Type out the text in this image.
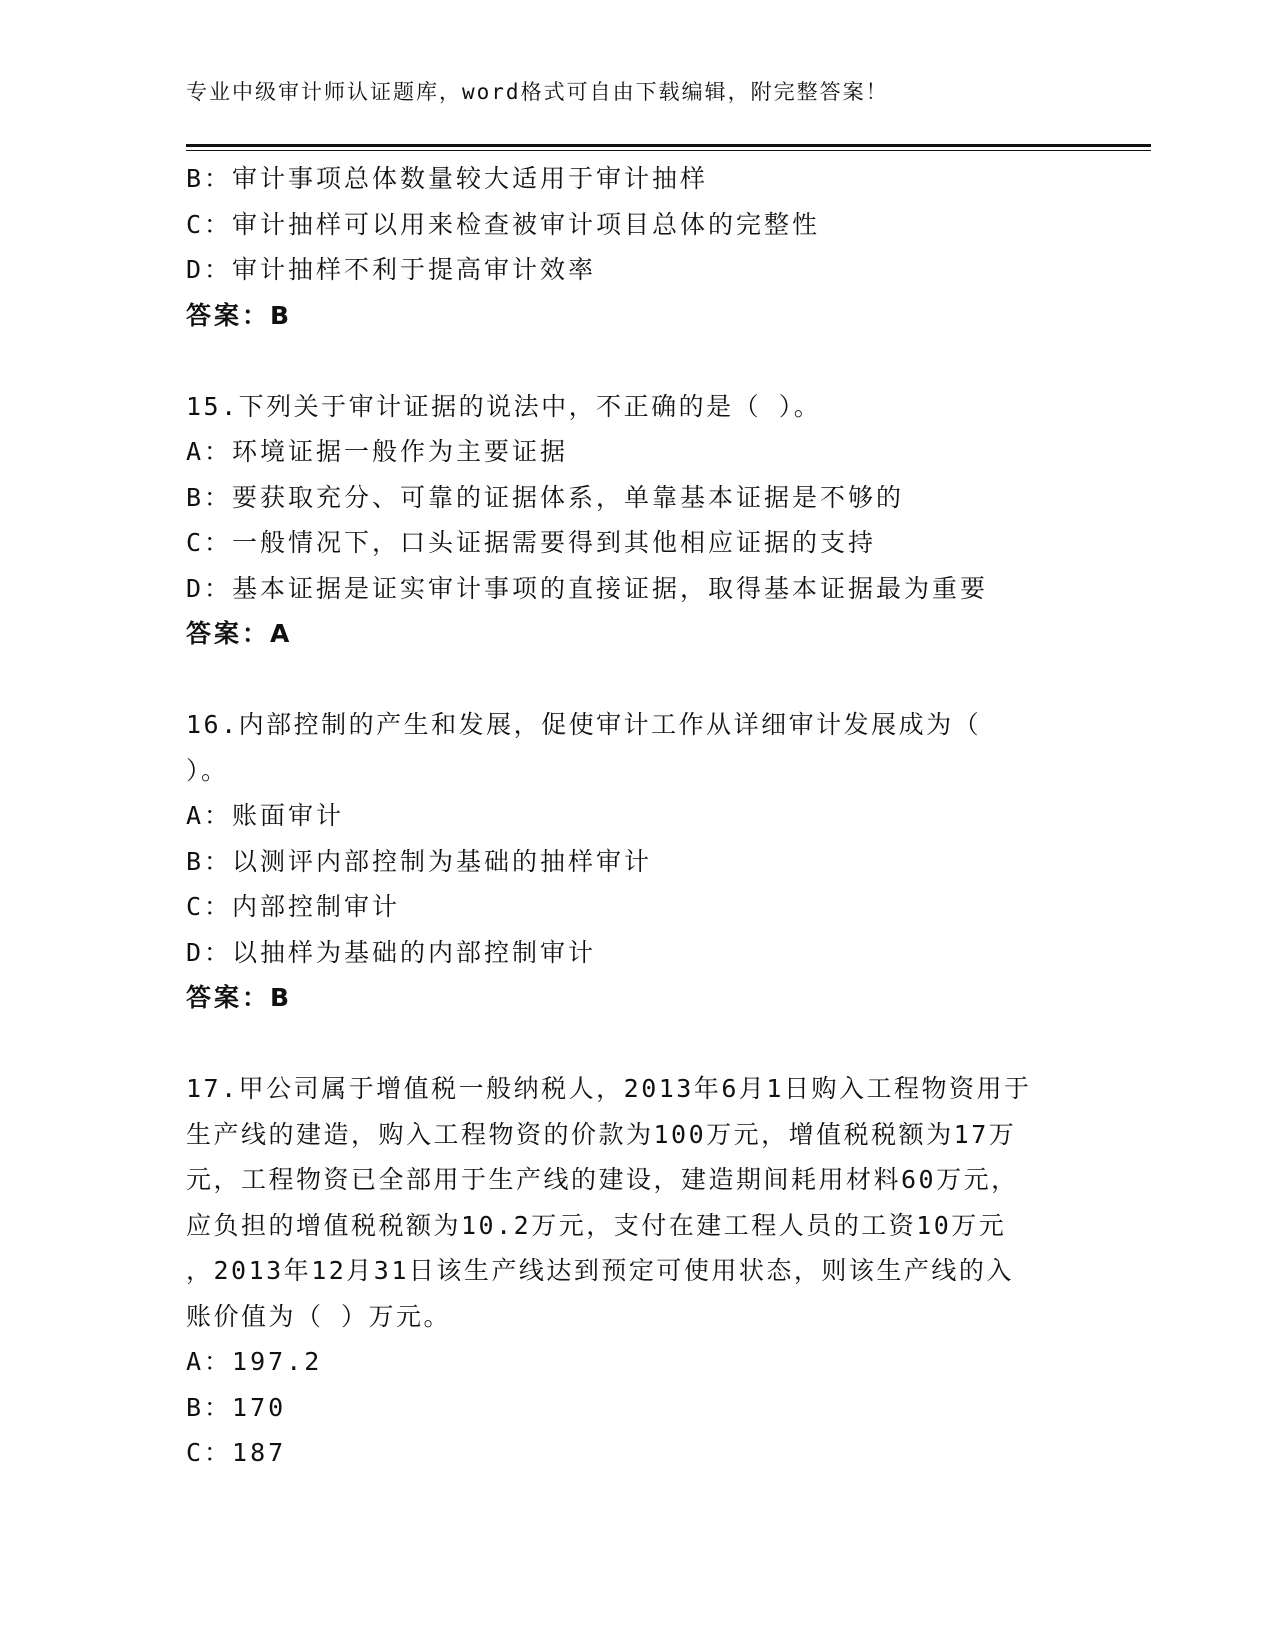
专业中级审计师认证题库，word格式可自由下载编辑，附完整答案！
B：审计事项总体数量较大适用于审计抽样
C：审计抽样可以用来检查被审计项目总体的完整性
D：审计抽样不利于提高审计效率
答案：B
15.下列关于审计证据的说法中，不正确的是（ ）。
A：环境证据一般作为主要证据
B：要获取充分、可靠的证据体系，单靠基本证据是不够的
C：一般情况下，口头证据需要得到其他相应证据的支持
D：基本证据是证实审计事项的直接证据，取得基本证据最为重要
答案：A
16.内部控制的产生和发展，促使审计工作从详细审计发展成为（
）。
A：账面审计
B：以测评内部控制为基础的抽样审计
C：内部控制审计
D：以抽样为基础的内部控制审计
答案：B
17.甲公司属于增值税一般纳税人，2013年6月1日购入工程物资用于
生产线的建造，购入工程物资的价款为100万元，增值税税额为17万
元，工程物资已全部用于生产线的建设，建造期间耗用材料60万元，
应负担的增值税税额为10.2万元，支付在建工程人员的工资10万元
，2013年12月31日该生产线达到预定可使用状态，则该生产线的入
账价值为（ ）万元。
A：197.2
B：170
C：187
